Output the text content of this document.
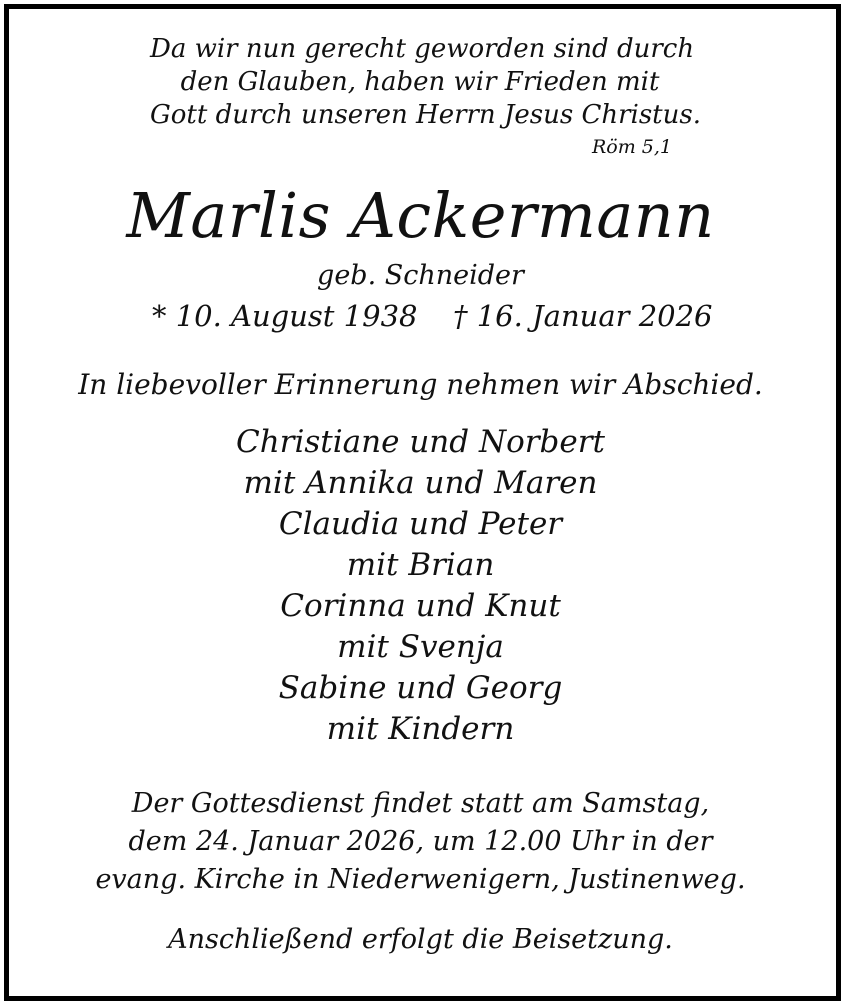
Da wir nun gerecht geworden sind durch
den Glauben, haben wir Frieden mit
Gott durch unseren Herrn Jesus Christus.
Röm 5,1
Marlis Ackermann
geb. Schneider
* 10. August 1938 † 16. Januar 2026
In liebevoller Erinnerung nehmen wir Abschied.
Christiane und Norbert
mit Annika und Maren
Claudia und Peter
mit Brian
Corinna und Knut
mit Svenja
Sabine und Georg
mit Kindern
Der Gottesdienst findet statt am Samstag,
dem 24. Januar 2026, um 12.00 Uhr in der
evang. Kirche in Niederwenigern, Justinenweg.
Anschließend erfolgt die Beisetzung.
